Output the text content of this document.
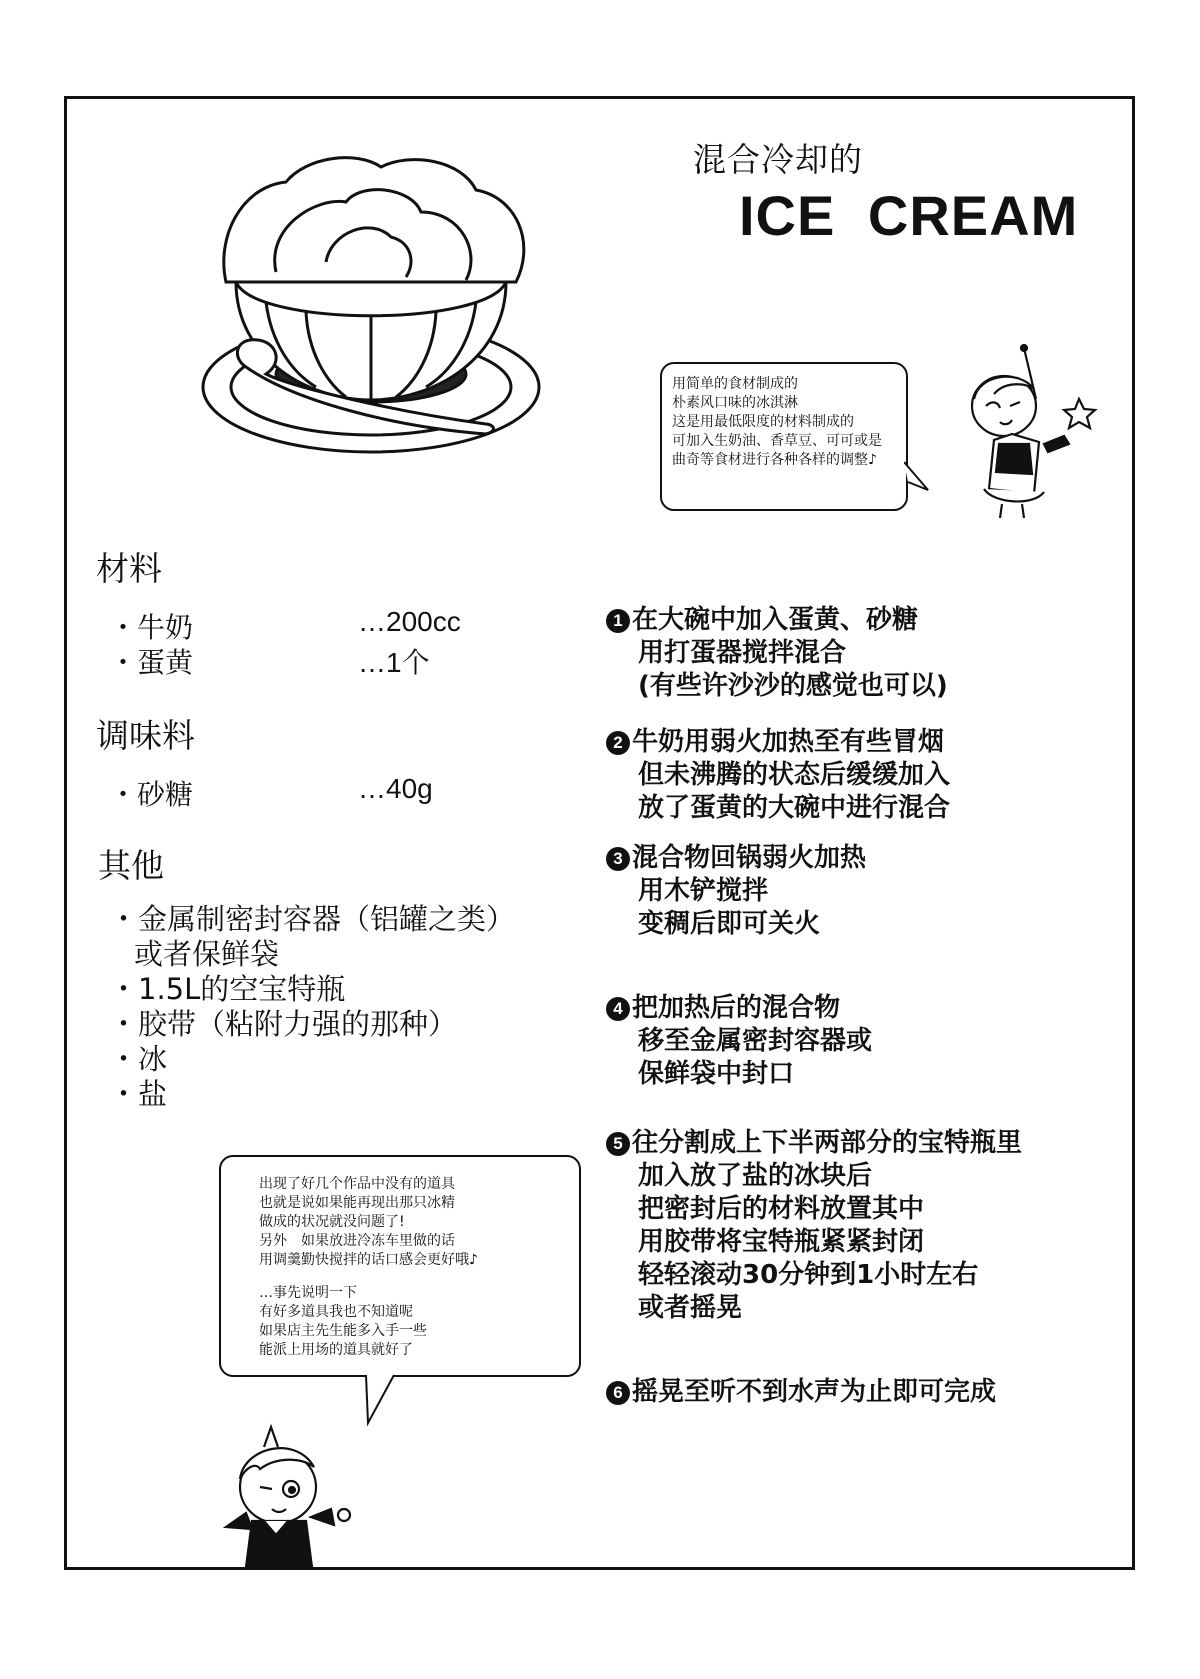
混合冷却的
ICE CREAM
用简单的食材制成的
朴素风口味的冰淇淋
这是用最低限度的材料制成的
可加入生奶油、香草豆、可可或是
曲奇等食材进行各种各样的调整♪
材料
・牛奶	…200cc
・蛋黄	…1个
调味料
・砂糖	…40g
其他
・金属制密封容器（铝罐之类）
或者保鲜袋
・1.5L的空宝特瓶
・胶带（粘附力强的那种）
・冰
・盐
1 在大碗中加入蛋黄、砂糖
用打蛋器搅拌混合
(有些许沙沙的感觉也可以)
2 牛奶用弱火加热至有些冒烟
但未沸腾的状态后缓缓加入
放了蛋黄的大碗中进行混合
3 混合物回锅弱火加热
用木铲搅拌
变稠后即可关火
4 把加热后的混合物
移至金属密封容器或
保鲜袋中封口
5 往分割成上下半两部分的宝特瓶里
加入放了盐的冰块后
把密封后的材料放置其中
用胶带将宝特瓶紧紧封闭
轻轻滚动30分钟到1小时左右
或者摇晃
6 摇晃至听不到水声为止即可完成
出现了好几个作品中没有的道具
也就是说如果能再现出那只冰精
做成的状况就没问题了!
另外　如果放进冷冻车里做的话
用调羹勤快搅拌的话口感会更好哦♪
…事先说明一下
有好多道具我也不知道呢
如果店主先生能多入手一些
能派上用场的道具就好了
